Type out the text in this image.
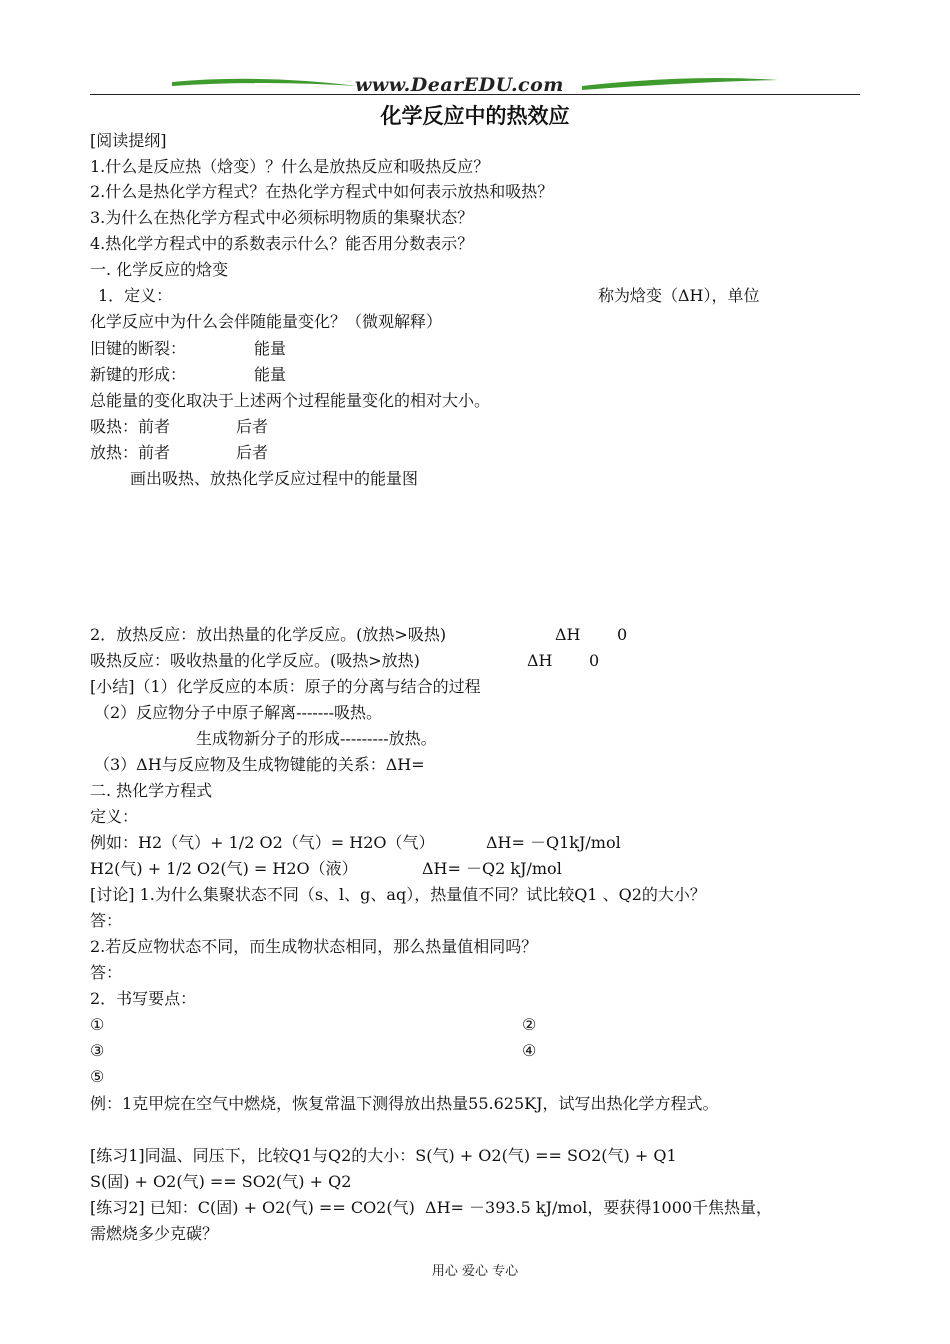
www.DearEDU.com
化学反应中的热效应
[阅读提纲]
1.什么是反应热（焓变）？什么是放热反应和吸热反应？
2.什么是热化学方程式？在热化学方程式中如何表示放热和吸热？
3.为什么在热化学方程式中必须标明物质的集聚状态？
4.热化学方程式中的系数表示什么？能否用分数表示？
一. 化学反应的焓变
1．定义：	称为焓变（ΔH），单位
化学反应中为什么会伴随能量变化？（微观解释）
旧键的断裂：	能量
新键的形成：	能量
总能量的变化取决于上述两个过程能量变化的相对大小。
吸热：前者	后者
放热：前者	后者
画出吸热、放热化学反应过程中的能量图
2．放热反应：放出热量的化学反应。(放热>吸热)	ΔH 0
吸热反应：吸收热量的化学反应。(吸热>放热)	ΔH 0
[小结]（1）化学反应的本质：原子的分离与结合的过程
（2）反应物分子中原子解离-------吸热。
生成物新分子的形成---------放热。
（3）ΔH与反应物及生成物键能的关系：ΔH=
二. 热化学方程式
定义：
例如：H2（气）+ 1/2 O2（气）= H2O（气）	ΔH= －Q1kJ/mol
H2(气) + 1/2 O2(气) = H2O（液）	ΔH= －Q2 kJ/mol
[讨论] 1.为什么集聚状态不同（s、l、g、aq），热量值不同？试比较Q1 、Q2的大小？
答：
2.若反应物状态不同，而生成物状态相同，那么热量值相同吗？
答：
2．书写要点：
①	②
③	④
⑤
例：1克甲烷在空气中燃烧，恢复常温下测得放出热量55.625KJ，试写出热化学方程式。
[练习1]同温、同压下，比较Q1与Q2的大小：S(气) + O2(气) == SO2(气) + Q1
S(固) + O2(气) == SO2(气) + Q2
[练习2] 已知：C(固) + O2(气) == CO2(气)  ΔH= －393.5 kJ/mol，要获得1000千焦热量，
需燃烧多少克碳？
用心 爱心 专心
